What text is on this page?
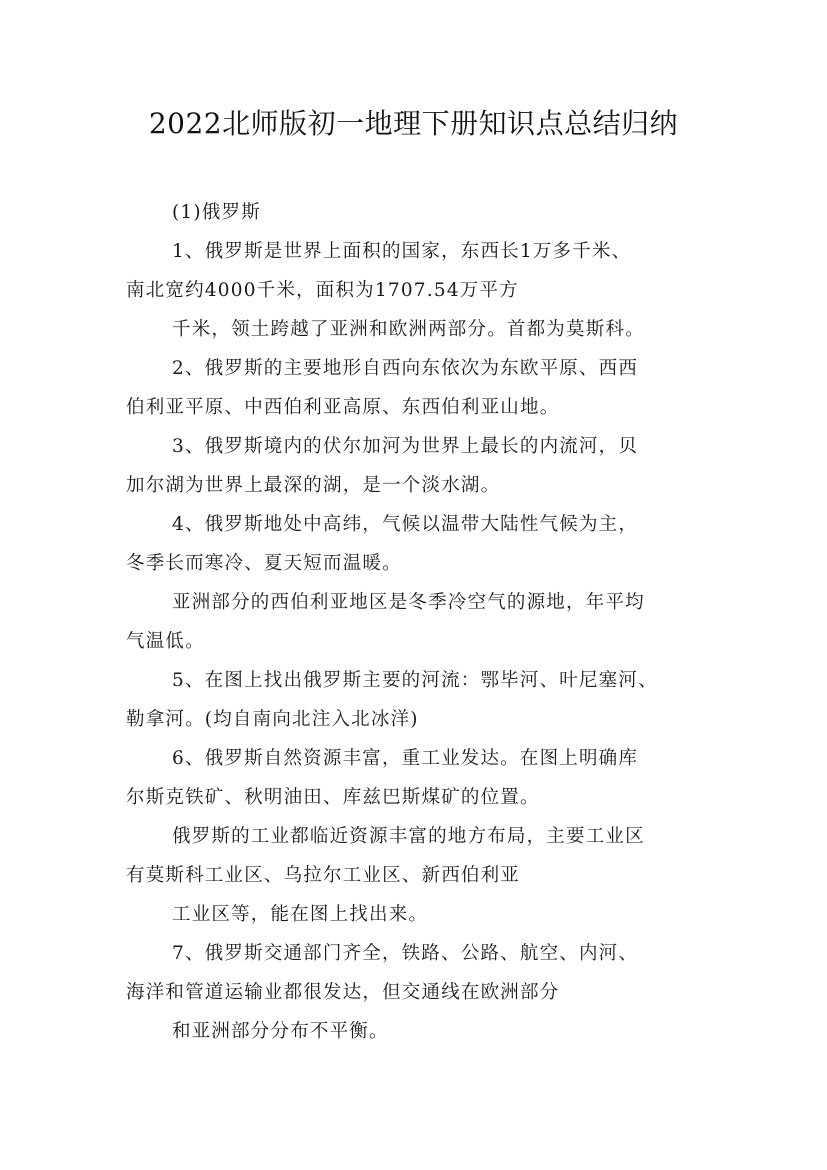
2022北师版初一地理下册知识点总结归纳
(1)俄罗斯
1、俄罗斯是世界上面积的国家，东西长1万多千米、
南北宽约4000千米，面积为1707.54万平方
千米，领土跨越了亚洲和欧洲两部分。首都为莫斯科。
2、俄罗斯的主要地形自西向东依次为东欧平原、西西
伯利亚平原、中西伯利亚高原、东西伯利亚山地。
3、俄罗斯境内的伏尔加河为世界上最长的内流河，贝
加尔湖为世界上最深的湖，是一个淡水湖。
4、俄罗斯地处中高纬，气候以温带大陆性气候为主，
冬季长而寒冷、夏天短而温暖。
亚洲部分的西伯利亚地区是冬季冷空气的源地，年平均
气温低。
5、在图上找出俄罗斯主要的河流：鄂毕河、叶尼塞河、
勒拿河。(均自南向北注入北冰洋)
6、俄罗斯自然资源丰富，重工业发达。在图上明确库
尔斯克铁矿、秋明油田、库兹巴斯煤矿的位置。
俄罗斯的工业都临近资源丰富的地方布局，主要工业区
有莫斯科工业区、乌拉尔工业区、新西伯利亚
工业区等，能在图上找出来。
7、俄罗斯交通部门齐全，铁路、公路、航空、内河、
海洋和管道运输业都很发达，但交通线在欧洲部分
和亚洲部分分布不平衡。
